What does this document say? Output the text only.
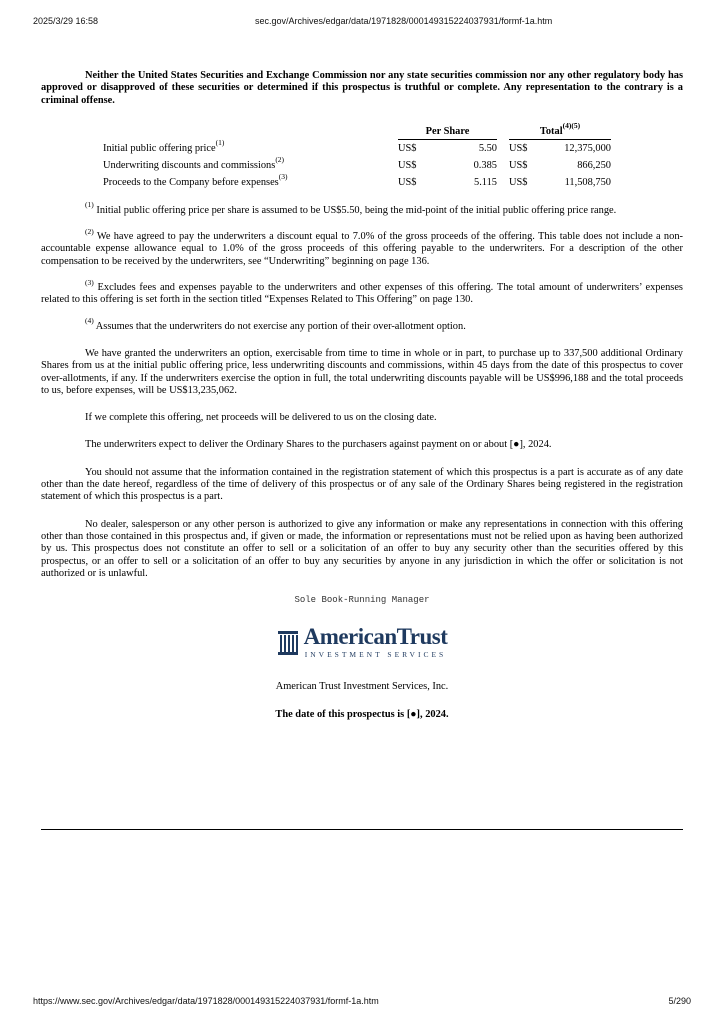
2025/3/29 16:58	sec.gov/Archives/edgar/data/1971828/000149315224037931/formf-1a.htm

Neither the United States Securities and Exchange Commission nor any state securities commission nor any other regulatory body has approved or disapproved of these securities or determined if this prospectus is truthful or complete. Any representation to the contrary is a criminal offense.

	Per Share			Total$^{(4)(5)}$
Initial public offering price$^{(1)}$	US$	5.50		US$	12,375,000
Underwriting discounts and commissions$^{(2)}$	US$	0.385		US$	866,250
Proceeds to the Company before expenses$^{(3)}$	US$	5.115		US$	11,508,750

$^{(1)}$ Initial public offering price per share is assumed to be US$5.50, being the mid-point of the initial public offering price range.

$^{(2)}$ We have agreed to pay the underwriters a discount equal to 7.0% of the gross proceeds of the offering. This table does not include a non-accountable expense allowance equal to 1.0% of the gross proceeds of this offering payable to the underwriters. For a description of the other compensation to be received by the underwriters, see “Underwriting” beginning on page 136.

$^{(3)}$ Excludes fees and expenses payable to the underwriters and other expenses of this offering. The total amount of underwriters’ expenses related to this offering is set forth in the section titled “Expenses Related to This Offering” on page 130.

$^{(4)}$ Assumes that the underwriters do not exercise any portion of their over-allotment option.

We have granted the underwriters an option, exercisable from time to time in whole or in part, to purchase up to 337,500 additional Ordinary Shares from us at the initial public offering price, less underwriting discounts and commissions, within 45 days from the date of this prospectus to cover over-allotments, if any. If the underwriters exercise the option in full, the total underwriting discounts payable will be US$996,188 and the total proceeds to us, before expenses, will be US$13,235,062.

If we complete this offering, net proceeds will be delivered to us on the closing date.

The underwriters expect to deliver the Ordinary Shares to the purchasers against payment on or about [●], 2024.

You should not assume that the information contained in the registration statement of which this prospectus is a part is accurate as of any date other than the date hereof, regardless of the time of delivery of this prospectus or of any sale of the Ordinary Shares being registered in the registration statement of which this prospectus is a part.

No dealer, salesperson or any other person is authorized to give any information or make any representations in connection with this offering other than those contained in this prospectus and, if given or made, the information or representations must not be relied upon as having been authorized by us. This prospectus does not constitute an offer to sell or a solicitation of an offer to buy any security other than the securities offered by this prospectus, or an offer to sell or a solicitation of an offer to buy any securities by anyone in any jurisdiction in which the offer or solicitation is not authorized or is unlawful.

Sole Book-Running Manager
AmericanTrust
INVESTMENT SERVICES
American Trust Investment Services, Inc.
The date of this prospectus is [●], 2024.
https://www.sec.gov/Archives/edgar/data/1971828/000149315224037931/formf-1a.htm	5/290
